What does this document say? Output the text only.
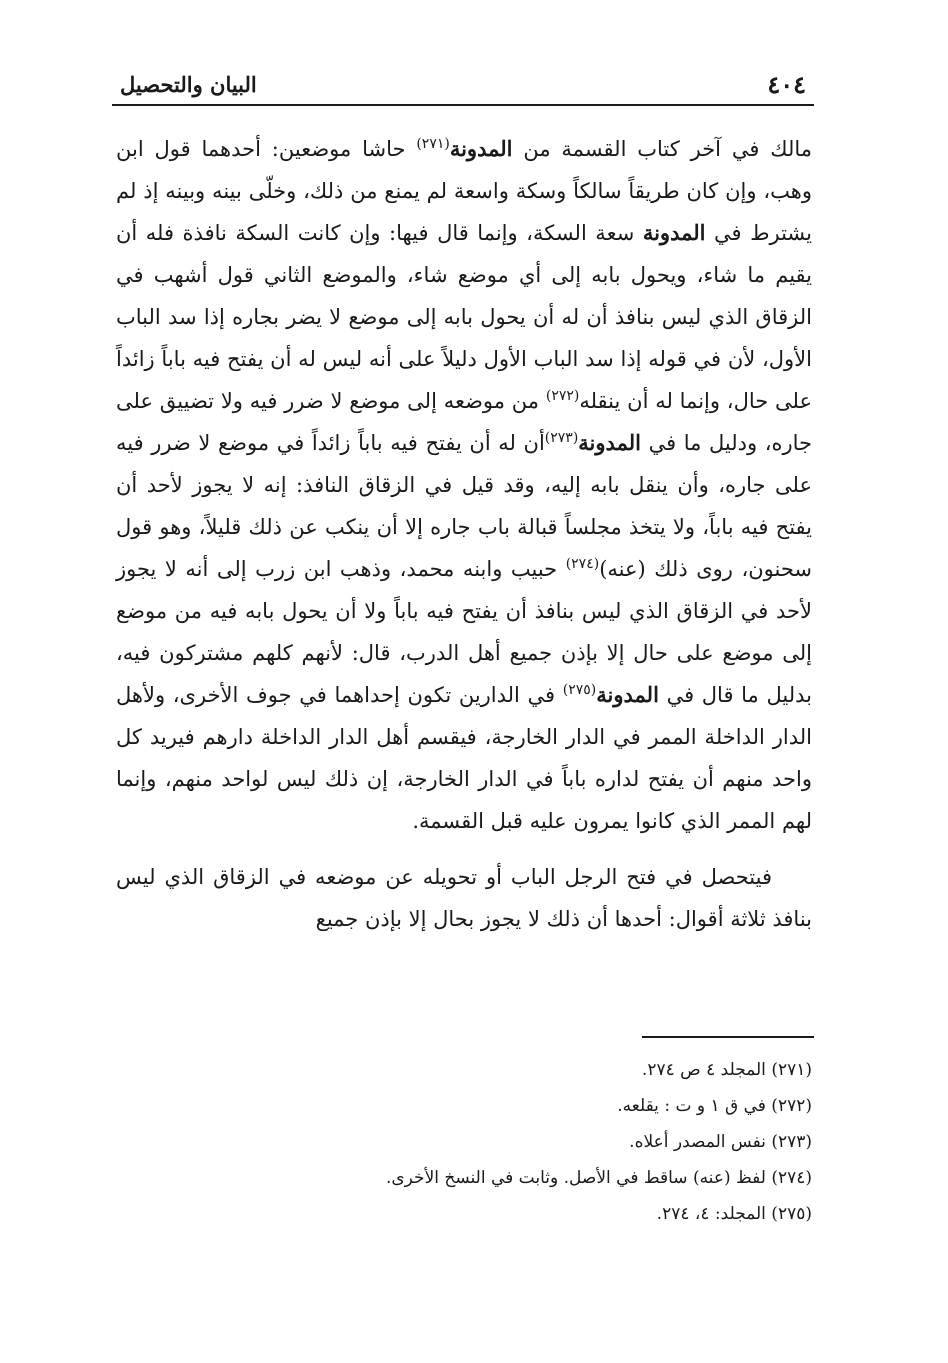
٤٠٤
البيان والتحصيل

مالك في آخر كتاب القسمة من المدونة$^{(٢٧١)}$ حاشا موضعين: أحدهما قول ابن وهب، وإن كان طريقاً سالكاً وسكة واسعة لم يمنع من ذلك، وخلّى بينه وبينه إذ لم يشترط في المدونة سعة السكة، وإنما قال فيها: وإن كانت السكة نافذة فله أن يقيم ما شاء، ويحول بابه إلى أي موضع شاء، والموضع الثاني قول أشهب في الزقاق الذي ليس بنافذ أن له أن يحول بابه إلى موضع لا يضر بجاره إذا سد الباب الأول، لأن في قوله إذا سد الباب الأول دليلاً على أنه ليس له أن يفتح فيه باباً زائداً على حال، وإنما له أن ينقله$^{(٢٧٢)}$ من موضعه إلى موضع لا ضرر فيه ولا تضييق على جاره، ودليل ما في المدونة$^{(٢٧٣)}$أن له أن يفتح فيه باباً زائداً في موضع لا ضرر فيه على جاره، وأن ينقل بابه إليه، وقد قيل في الزقاق النافذ: إنه لا يجوز لأحد أن يفتح فيه باباً، ولا يتخذ مجلساً قبالة باب جاره إلا أن ينكب عن ذلك قليلاً، وهو قول سحنون، روى ذلك (عنه)$^{(٢٧٤)}$ حبيب وابنه محمد، وذهب ابن زرب إلى أنه لا يجوز لأحد في الزقاق الذي ليس بنافذ أن يفتح فيه باباً ولا أن يحول بابه فيه من موضع إلى موضع على حال إلا بإذن جميع أهل الدرب، قال: لأنهم كلهم مشتركون فيه، بدليل ما قال في المدونة$^{(٢٧٥)}$ في الدارين تكون إحداهما في جوف الأخرى، ولأهل الدار الداخلة الممر في الدار الخارجة، فيقسم أهل الدار الداخلة دارهم فيريد كل واحد منهم أن يفتح لداره باباً في الدار الخارجة، إن ذلك ليس لواحد منهم، وإنما لهم الممر الذي كانوا يمرون عليه قبل القسمة.

فيتحصل في فتح الرجل الباب أو تحويله عن موضعه في الزقاق الذي ليس بنافذ ثلاثة أقوال: أحدها أن ذلك لا يجوز بحال إلا بإذن جميع

(٢٧١) المجلد ٤ ص ٢٧٤.
(٢٧٢) في ق ١ و ت : يقلعه.
(٢٧٣) نفس المصدر أعلاه.
(٢٧٤) لفظ (عنه) ساقط في الأصل. وثابت في النسخ الأخرى.
(٢٧٥) المجلد: ٤، ٢٧٤.
